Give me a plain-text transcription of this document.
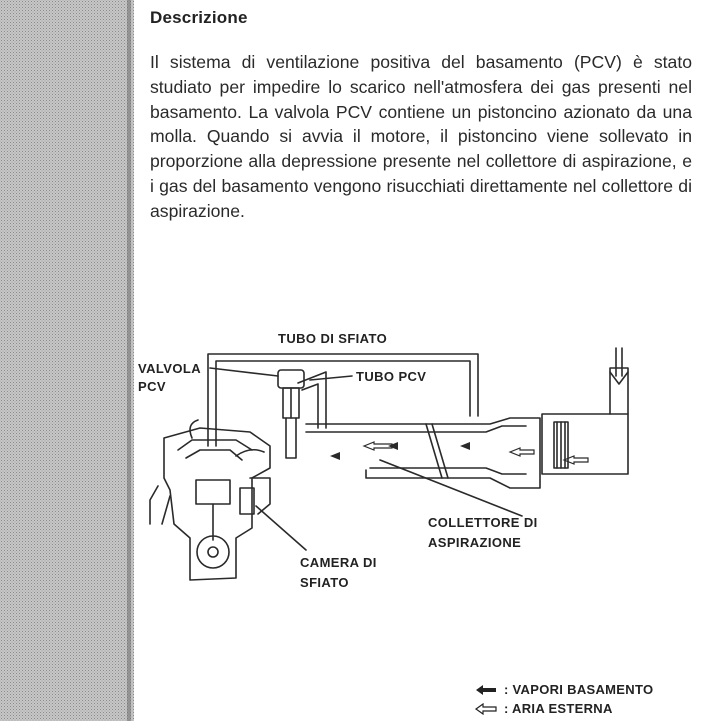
Descrizione

Il sistema di ventilazione positiva del basamento (PCV) è stato studiato per impedire lo scarico nell'atmosfera dei gas presenti nel basamento. La valvola PCV contiene un pistoncino azionato da una molla. Quando si avvia il motore, il pistoncino viene sollevato in proporzione alla depressione presente nel collettore di aspirazione, e i gas del basamento vengono risucchiati direttamente nel collettore di aspirazione.

TUBO DI SFIATO
VALVOLA
PCV
TUBO PCV
COLLETTORE DI
ASPIRAZIONE
CAMERA DI
SFIATO
: VAPORI BASAMENTO
: ARIA ESTERNA
